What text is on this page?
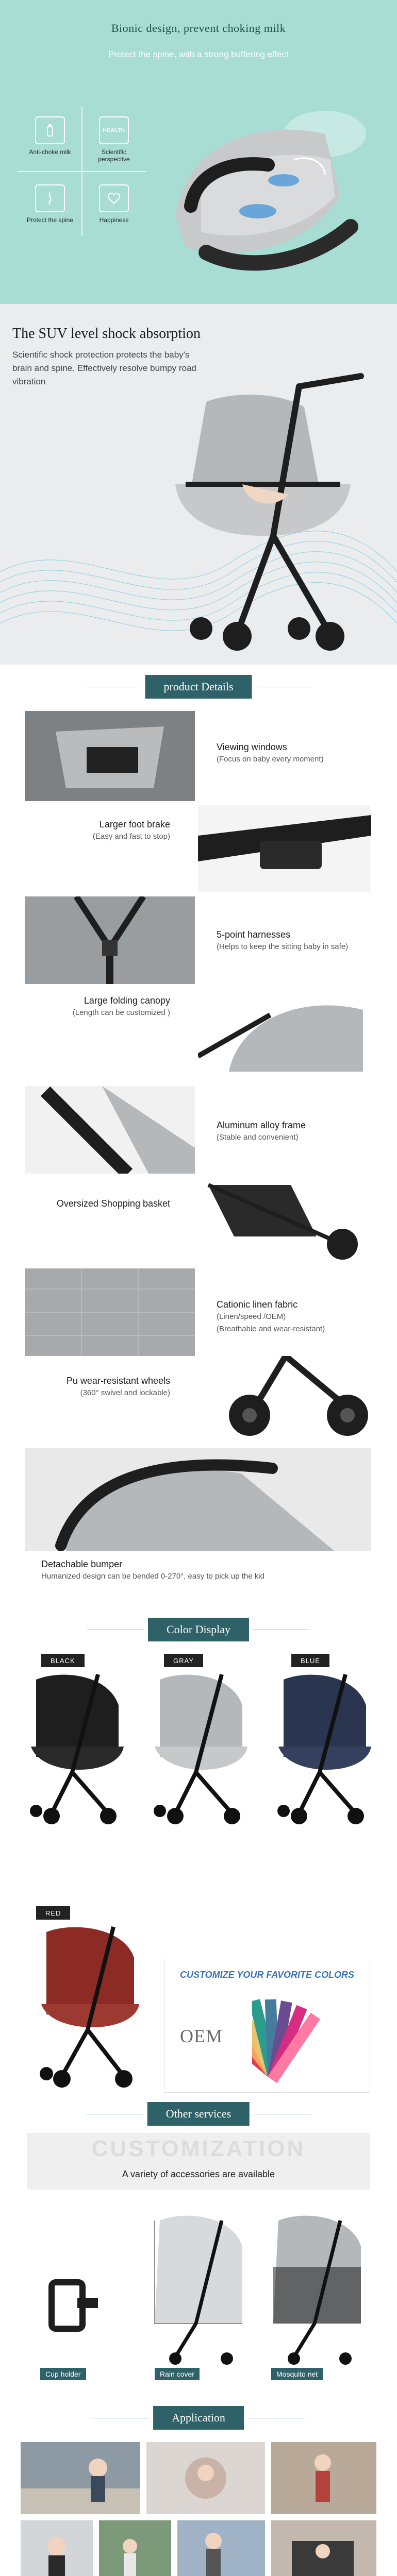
Bionic design, prevent choking milk
Protect the spine, with a strong buffering effect
Anti-choke milk
HEALTH
Scientific perspective
Protect the spine	Happiness
The SUV level shock absorption
Scientific shock protection protects the baby's brain and spine. Effectively resolve bumpy road vibration
product Details
Viewing windows
(Focus on baby every moment)
Larger foot brake
(Easy and fast to stop)
5-point harnesses
(Helps to keep the sitting baby in safe)
Large folding canopy
(Length can be customized )
Aluminum alloy frame
(Stable and convenient)
Oversized Shopping basket
Cationic linen fabric
(Linen/speed /OEM)
(Breathable and wear-resistant)
Pu wear-resistant wheels
(360° swivel and lockable)
Detachable bumper
Humanized design can be bended 0-270°, easy to pick up the kid
Color Display
BLACK	GRAY	BLUE
RED
CUSTOMIZE YOUR FAVORITE COLORS
OEM
Other services
CUSTOMIZATION
A variety of accessories are available
Cup holder	Rain cover	Mosquito net
Application
